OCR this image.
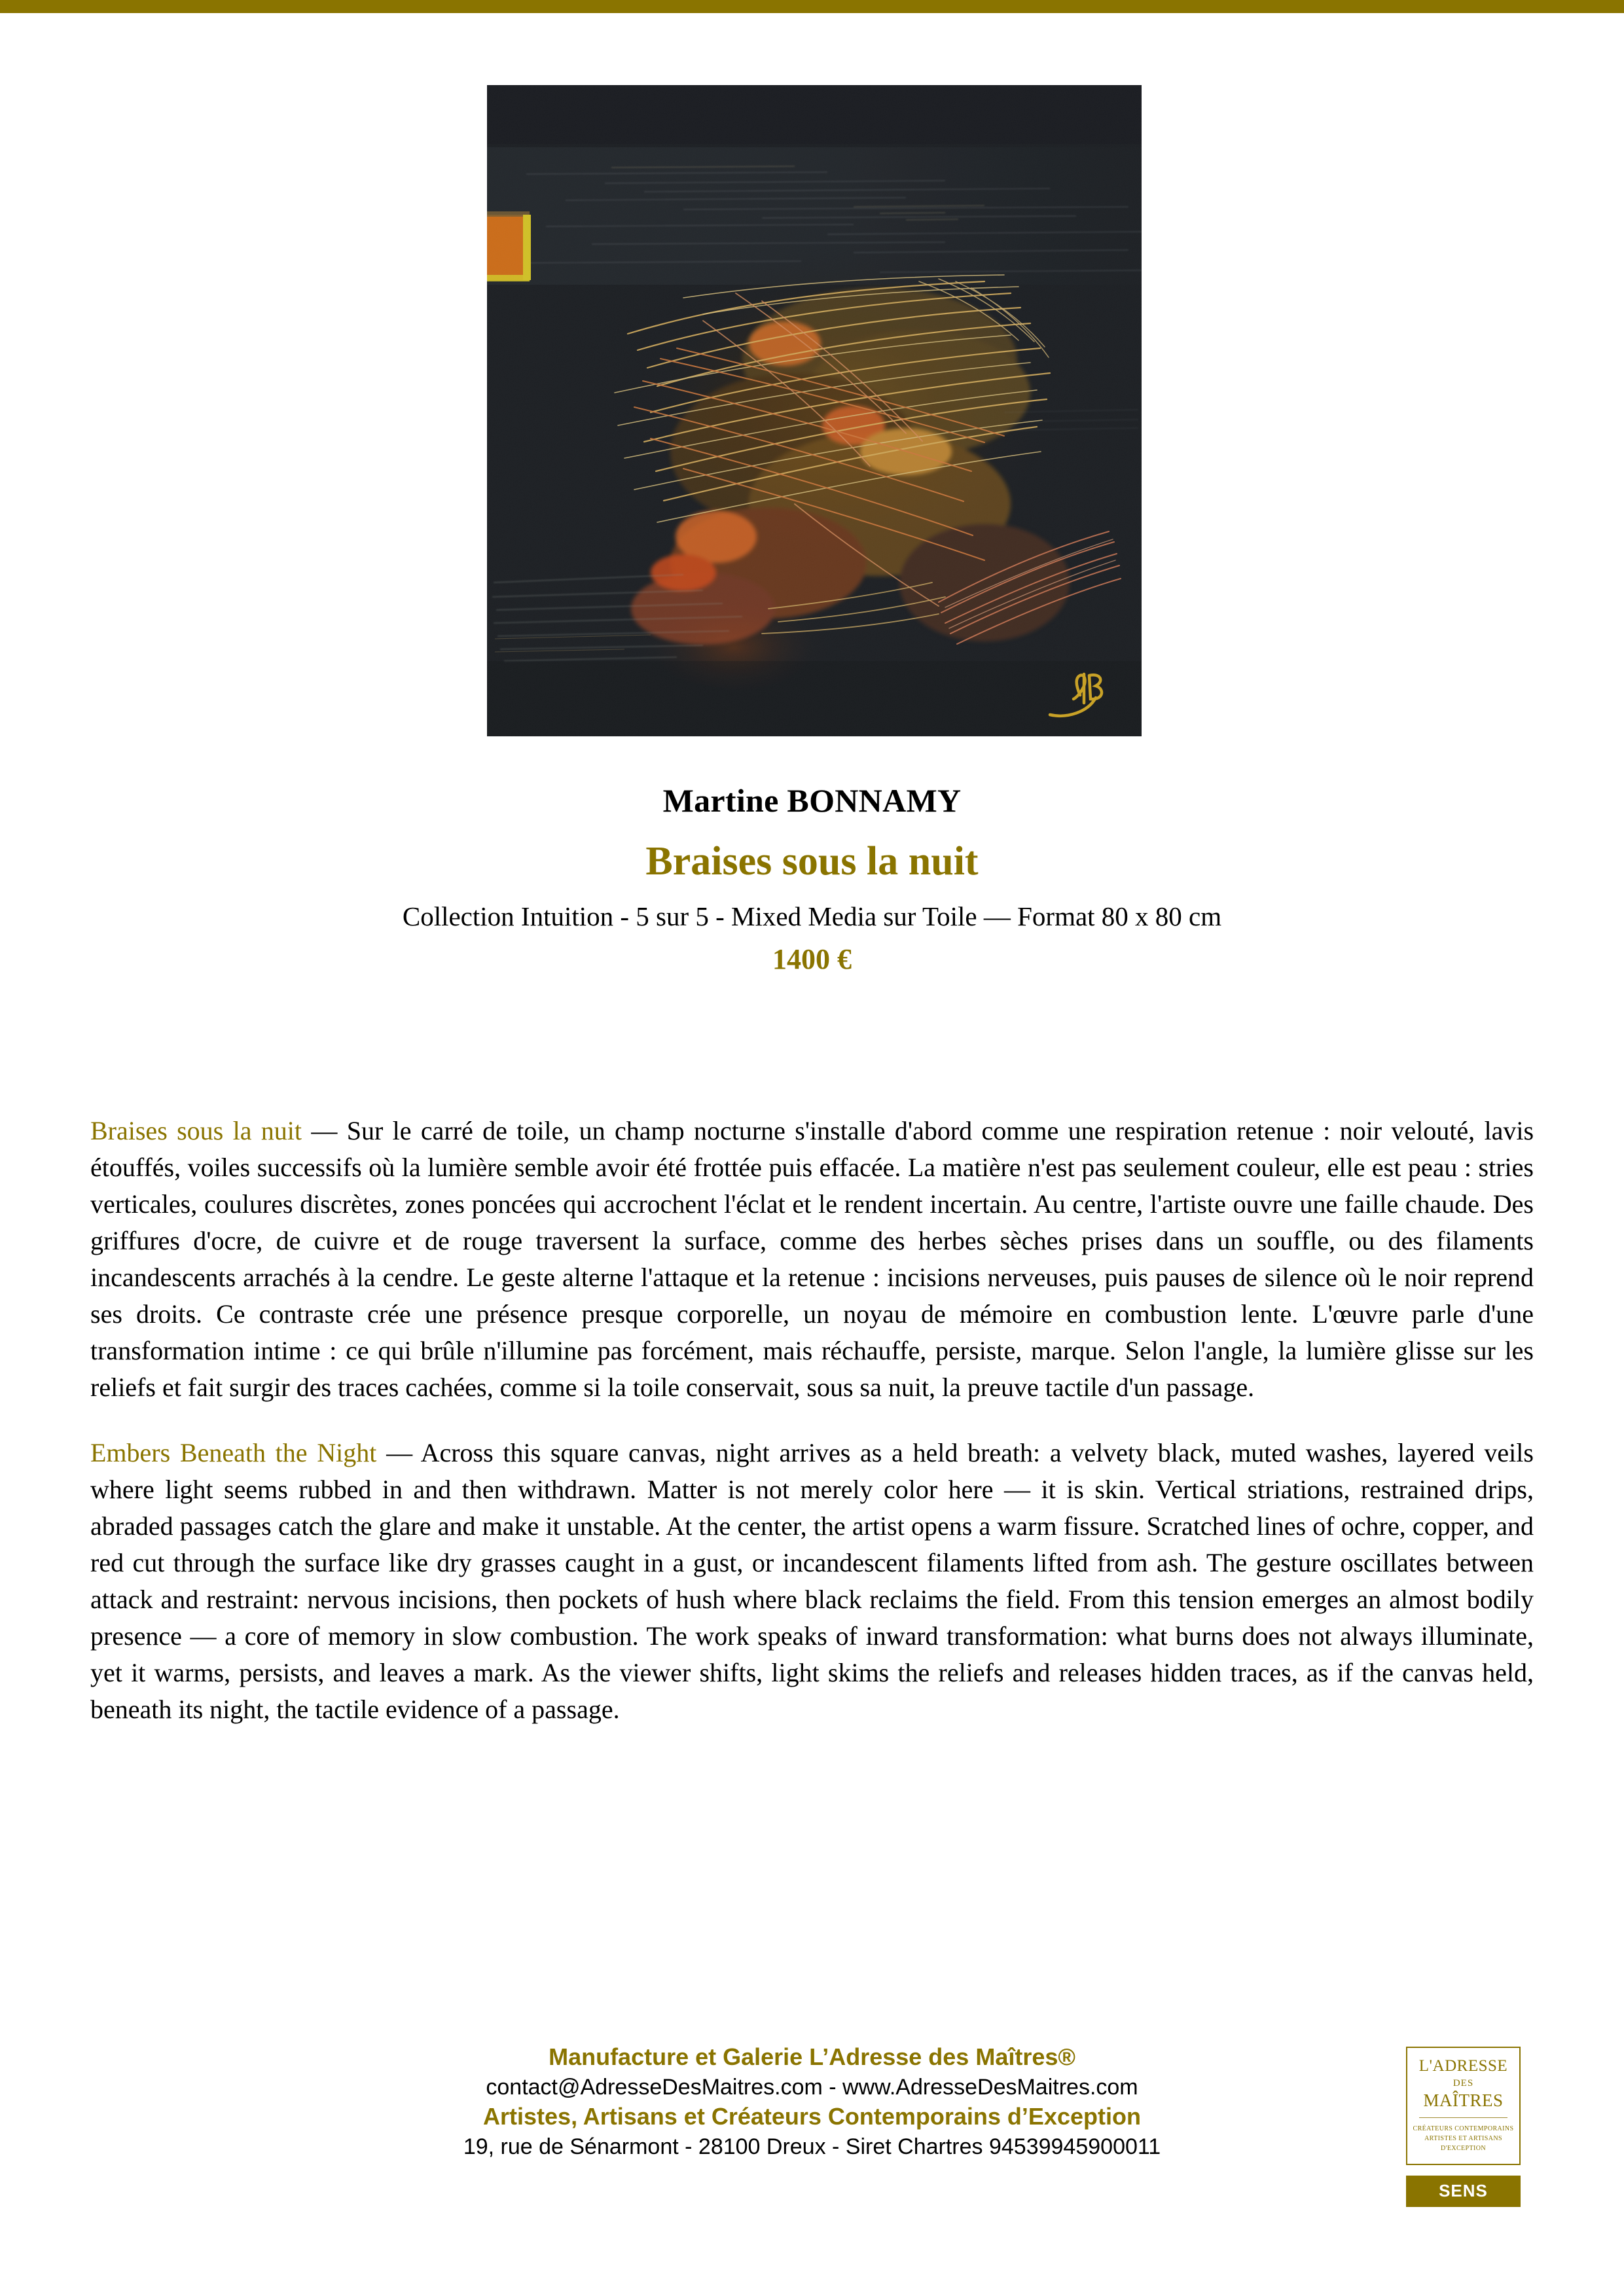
Martine BONNAMY
Braises sous la nuit
Collection Intuition - 5 sur 5 - Mixed Media sur Toile — Format 80 x 80 cm
1400 €

Braises sous la nuit — Sur le carré de toile, un champ nocturne s'installe d'abord comme une respiration retenue : noir velouté, lavis étouffés, voiles successifs où la lumière semble avoir été frottée puis effacée. La matière n'est pas seulement couleur, elle est peau : stries verticales, coulures discrètes, zones poncées qui accrochent l'éclat et le rendent incertain. Au centre, l'artiste ouvre une faille chaude. Des griffures d'ocre, de cuivre et de rouge traversent la surface, comme des herbes sèches prises dans un souffle, ou des filaments incandescents arrachés à la cendre. Le geste alterne l'attaque et la retenue : incisions nerveuses, puis pauses de silence où le noir reprend ses droits. Ce contraste crée une présence presque corporelle, un noyau de mémoire en combustion lente. L'œuvre parle d'une transformation intime : ce qui brûle n'illumine pas forcément, mais réchauffe, persiste, marque. Selon l'angle, la lumière glisse sur les reliefs et fait surgir des traces cachées, comme si la toile conservait, sous sa nuit, la preuve tactile d'un passage.

Embers Beneath the Night — Across this square canvas, night arrives as a held breath: a velvety black, muted washes, layered veils where light seems rubbed in and then withdrawn. Matter is not merely color here — it is skin. Vertical striations, restrained drips, abraded passages catch the glare and make it unstable. At the center, the artist opens a warm fissure. Scratched lines of ochre, copper, and red cut through the surface like dry grasses caught in a gust, or incandescent filaments lifted from ash. The gesture oscillates between attack and restraint: nervous incisions, then pockets of hush where black reclaims the field. From this tension emerges an almost bodily presence — a core of memory in slow combustion. The work speaks of inward transformation: what burns does not always illuminate, yet it warms, persists, and leaves a mark. As the viewer shifts, light skims the reliefs and releases hidden traces, as if the canvas held, beneath its night, the tactile evidence of a passage.

Manufacture et Galerie L’Adresse des Maîtres®
contact@AdresseDesMaitres.com - www.AdresseDesMaitres.com
Artistes, Artisans et Créateurs Contemporains d’Exception
19, rue de Sénarmont - 28100 Dreux - Siret Chartres 94539945900011
L'ADRESSE
DES
MAÎTRES
CRÉATEURS CONTEMPORAINS
ARTISTES ET ARTISANS
D'EXCEPTION
SENS
